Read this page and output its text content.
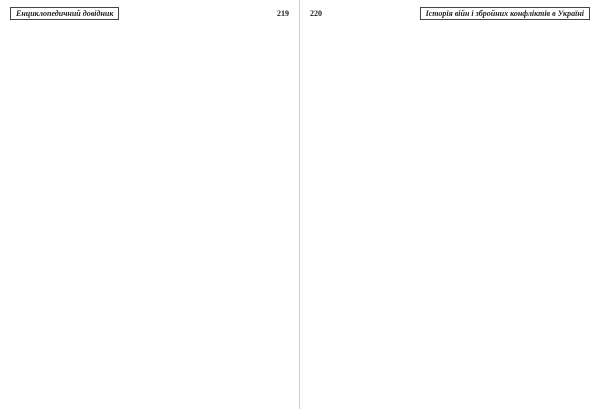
Енциклопедичний довідник	219	220	Історія війн і збройних конфліктів в Україні
